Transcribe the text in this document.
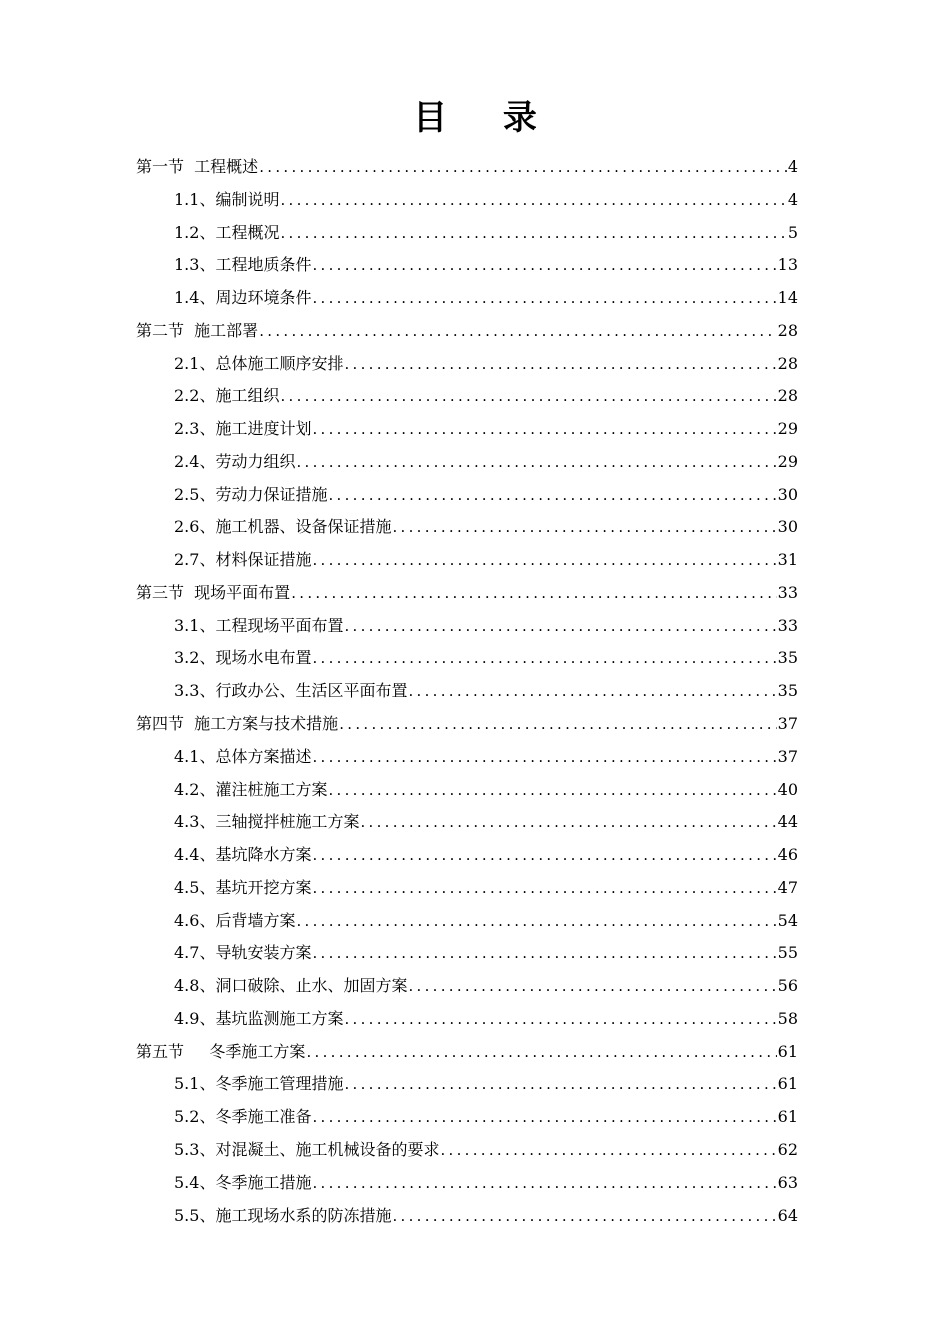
目 录
第一节  工程概述 .....	4
1.1、编制说明 .....	4
1.2、工程概况 .....	5
1.3、工程地质条件 .....	13
1.4、周边环境条件 .....	14
第二节  施工部署 .....	28
2.1、总体施工顺序安排 .....	28
2.2、施工组织 .....	28
2.3、施工进度计划 .....	29
2.4、劳动力组织 .....	29
2.5、劳动力保证措施 .....	30
2.6、施工机器、设备保证措施 .....	30
2.7、材料保证措施 .....	31
第三节  现场平面布置 .....	33
3.1、工程现场平面布置 .....	33
3.2、现场水电布置 .....	35
3.3、行政办公、生活区平面布置 .....	35
第四节  施工方案与技术措施 .....	37
4.1、总体方案描述 .....	37
4.2、灌注桩施工方案 .....	40
4.3、三轴搅拌桩施工方案 .....	44
4.4、基坑降水方案 .....	46
4.5、基坑开挖方案 .....	47
4.6、后背墙方案 .....	54
4.7、导轨安装方案 .....	55
4.8、洞口破除、止水、加固方案 .....	56
4.9、基坑监测施工方案 .....	58
第五节     冬季施工方案 .....	61
5.1、冬季施工管理措施 .....	61
5.2、冬季施工准备 .....	61
5.3、对混凝土、施工机械设备的要求 .....	62
5.4、冬季施工措施 .....	63
5.5、施工现场水系的防冻措施 .....	64
